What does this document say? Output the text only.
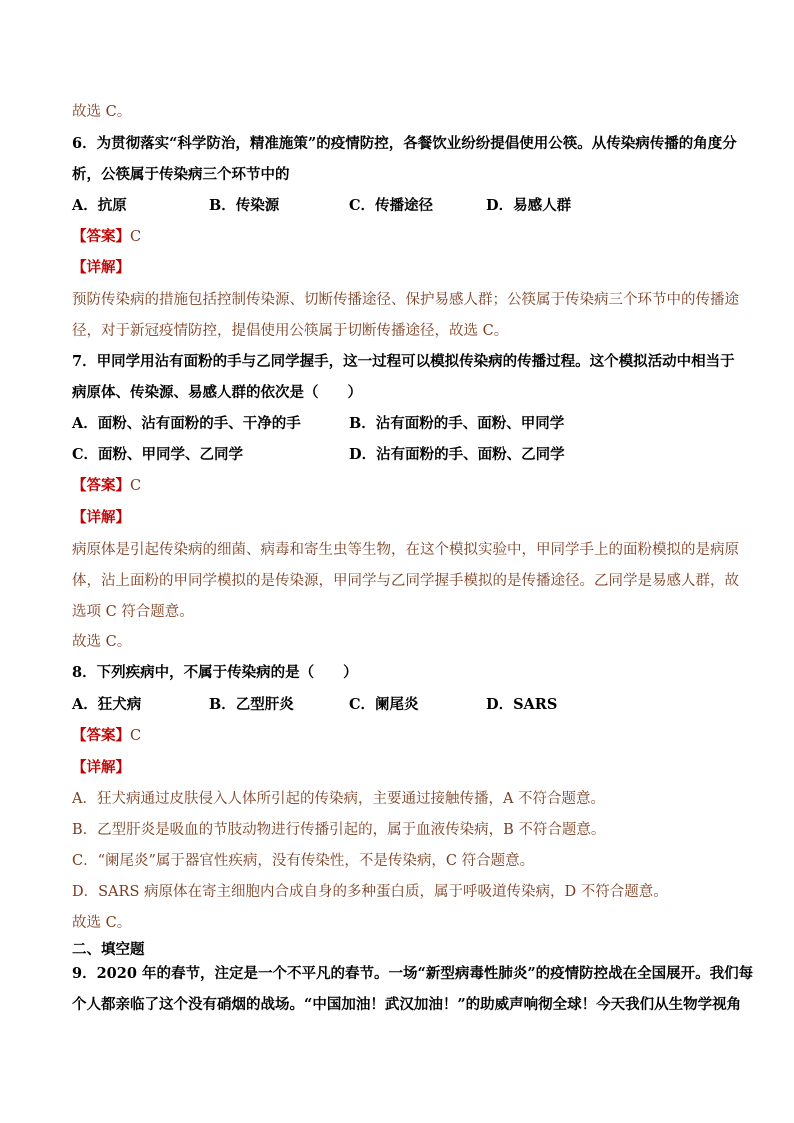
故选 C。
6．为贯彻落实“科学防治，精准施策”的疫情防控，各餐饮业纷纷提倡使用公筷。从传染病传播的角度分
析，公筷属于传染病三个环节中的
A．抗原	B．传染源	C．传播途径	D．易感人群
【答案】C
【详解】
预防传染病的措施包括控制传染源、切断传播途径、保护易感人群；公筷属于传染病三个环节中的传播途
径，对于新冠疫情防控，提倡使用公筷属于切断传播途径，故选 C。
7．甲同学用沾有面粉的手与乙同学握手，这一过程可以模拟传染病的传播过程。这个模拟活动中相当于
病原体、传染源、易感人群的依次是（　　）
A．面粉、沾有面粉的手、干净的手	B．沾有面粉的手、面粉、甲同学
C．面粉、甲同学、乙同学	D．沾有面粉的手、面粉、乙同学
【答案】C
【详解】
病原体是引起传染病的细菌、病毒和寄生虫等生物，在这个模拟实验中，甲同学手上的面粉模拟的是病原
体，沾上面粉的甲同学模拟的是传染源，甲同学与乙同学握手模拟的是传播途径。乙同学是易感人群，故
选项 C 符合题意。
故选 C。
8．下列疾病中，不属于传染病的是（　　）
A．狂犬病	B．乙型肝炎	C．阑尾炎	D．SARS
【答案】C
【详解】
A．狂犬病通过皮肤侵入人体所引起的传染病，主要通过接触传播，A 不符合题意。
B．乙型肝炎是吸血的节肢动物进行传播引起的，属于血液传染病，B 不符合题意。
C．“阑尾炎”属于器官性疾病，没有传染性，不是传染病，C 符合题意。
D．SARS 病原体在寄主细胞内合成自身的多种蛋白质，属于呼吸道传染病，D 不符合题意。
故选 C。
二、填空题
9．2020 年的春节，注定是一个不平凡的春节。一场“新型病毒性肺炎”的疫情防控战在全国展开。我们每
个人都亲临了这个没有硝烟的战场。“中国加油！武汉加油！”的助威声响彻全球！今天我们从生物学视角
